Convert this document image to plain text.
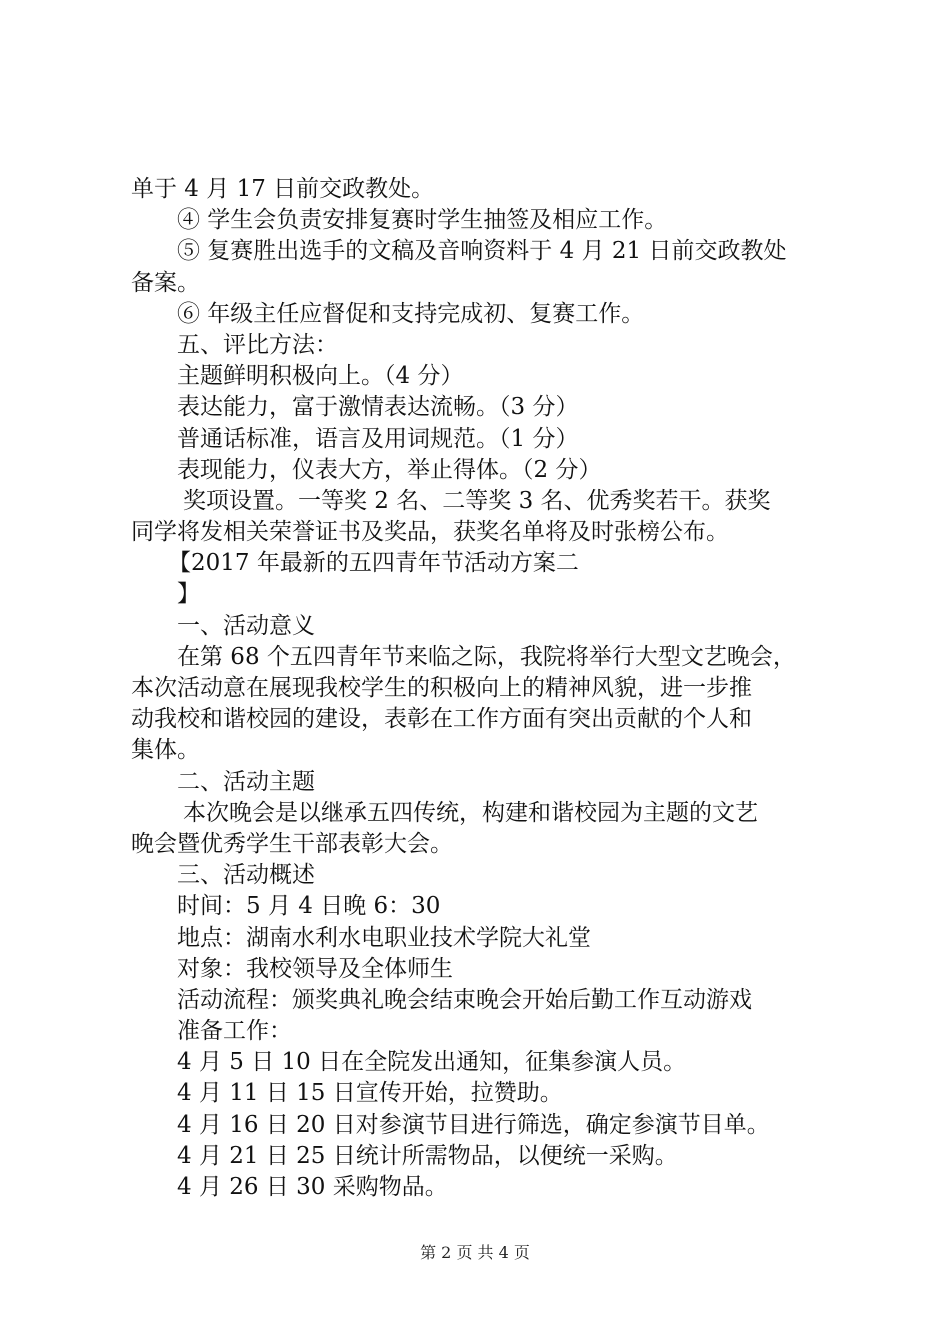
单于 4 月 17 日前交政教处。
④ 学生会负责安排复赛时学生抽签及相应工作。
⑤ 复赛胜出选手的文稿及音响资料于 4 月 21 日前交政教处
备案。
⑥ 年级主任应督促和支持完成初、复赛工作。
五、评比方法：
主题鲜明积极向上。（4 分）
表达能力，富于激情表达流畅。（3 分）
普通话标准，语言及用词规范。（1 分）
表现能力，仪表大方，举止得体。（2 分）
奖项设置。一等奖 2 名、二等奖 3 名、优秀奖若干。获奖
同学将发相关荣誉证书及奖品，获奖名单将及时张榜公布。
【2017 年最新的五四青年节活动方案二
】
一、活动意义
在第 68 个五四青年节来临之际，我院将举行大型文艺晚会，
本次活动意在展现我校学生的积极向上的精神风貌，进一步推
动我校和谐校园的建设，表彰在工作方面有突出贡献的个人和
集体。
二、活动主题
本次晚会是以继承五四传统，构建和谐校园为主题的文艺
晚会暨优秀学生干部表彰大会。
三、活动概述
时间：5 月 4 日晚 6：30
地点：湖南水利水电职业技术学院大礼堂
对象：我校领导及全体师生
活动流程：颁奖典礼晚会结束晚会开始后勤工作互动游戏
准备工作：
4 月 5 日 10 日在全院发出通知，征集参演人员。
4 月 11 日 15 日宣传开始，拉赞助。
4 月 16 日 20 日对参演节目进行筛选，确定参演节目单。
4 月 21 日 25 日统计所需物品，以便统一采购。
4 月 26 日 30 采购物品。
第 2 页 共 4 页
